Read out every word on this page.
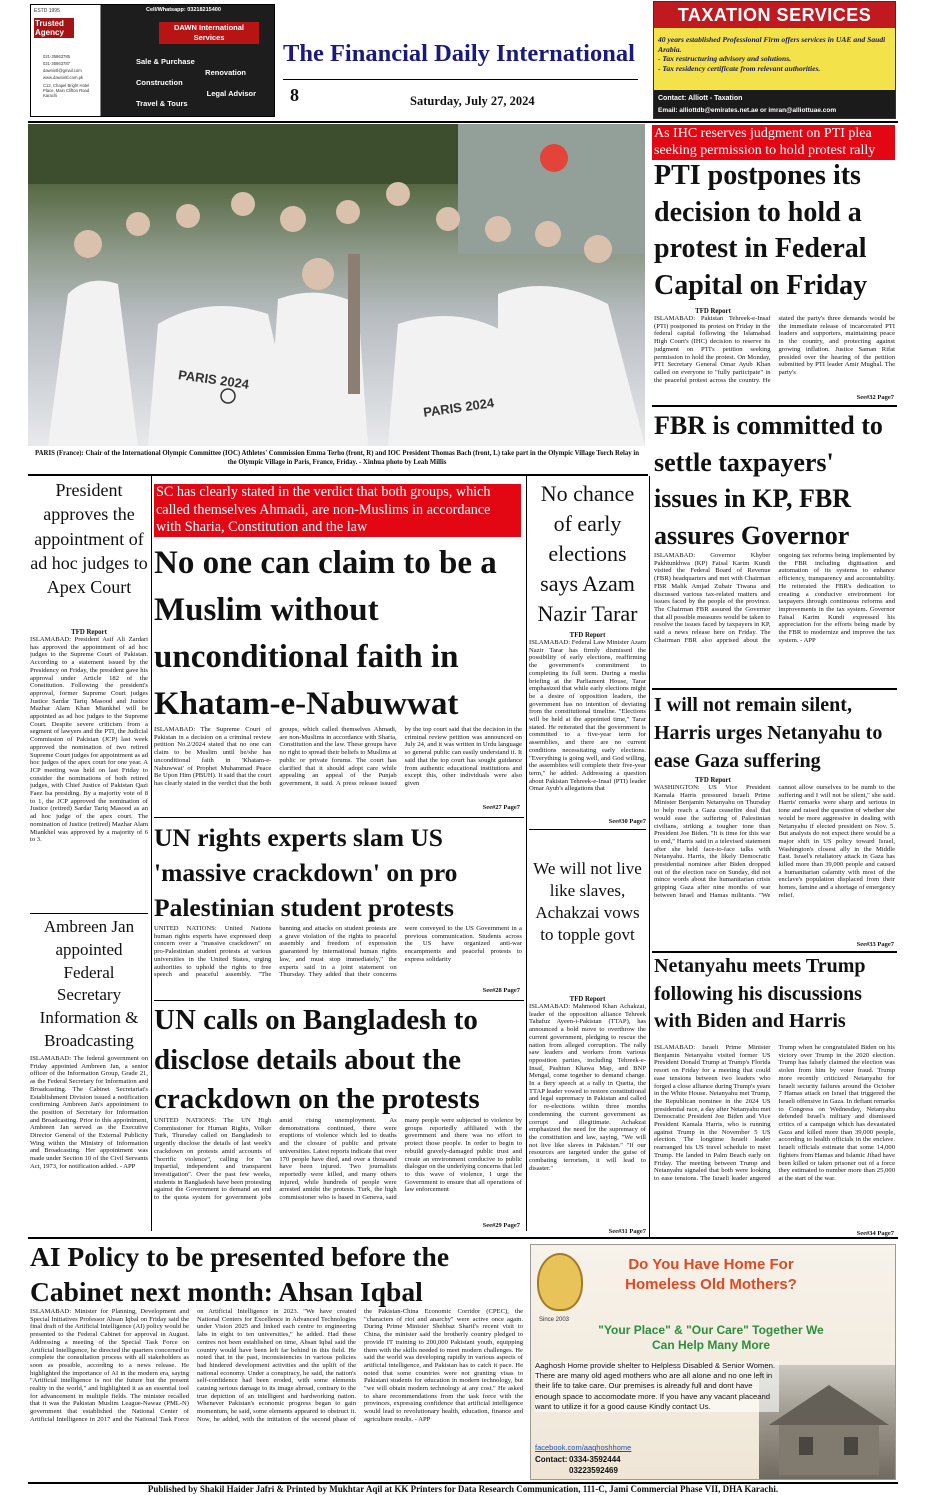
ESTD 1995
Trusted Agency
021-35863785
021-35863787
dawnintl@gmail.com
www.dawnintl.com.pk
C12, Chapel Bright Hotel Place, Main Clifton Road Karachi
Cell/Whatsapp: 03218215400
DAWN International Services
Sale & Purchase
Renovation
Construction
Legal Advisor
Travel & Tours
The Financial Daily International
8	Saturday, July 27, 2024
TAXATION SERVICES
40 years established Professional Firm offers services in UAE and Saudi Arabia.
- Tax restructuring advisory and solutions.
- Tax residency certificate from relevant authorities.
Contact: Alliott - Taxation
Email: alliottdb@emirates.net.ae or imran@alliottuae.com
PARIS 2024
PARIS 2024
PARIS (France): Chair of the International Olympic Committee (IOC) Athletes' Commission Emma Terho (front, R) and IOC President Thomas Bach (front, L) take part in the Olympic Village Torch Relay in the Olympic Village in Paris, France, Friday. - Xinhua photo by Leah Millis
As IHC reserves judgment on PTI plea seeking permission to hold protest rally
PTI postpones its decision to hold a protest in Federal Capital on Friday
TFD Report
ISLAMABAD: Pakistan Tehreek-e-Insaf (PTI) postponed its protest on Friday in the federal capital following the Islamabad High Court's (IHC) decision to reserve its judgment on PTI's petition seeking permission to hold the protest. On Monday, PTI Secretary General Omar Ayub Khan called on everyone to "fully participate" in the peaceful protest across the country. He stated the party's three demands would be the immediate release of incarcerated PTI leaders and supporters, maintaining peace in the country, and protecting against growing inflation. Justice Saman Rifat presided over the hearing of the petition submitted by PTI leader Amir Mughal. The party's
See#32 Page7
FBR is committed to settle taxpayers' issues in KP, FBR assures Governor
ISLAMABAD: Governor Khyber Pakhtunkhwa (KP) Faisal Karim Kundi visited the Federal Board of Revenue (FBR) headquarters and met with Chairman FBR Malik Amjad Zubair Tiwana and discussed various tax-related matters and issues faced by the people of the province. The Chairman FBR assured the Governor that all possible measures would be taken to resolve the issues faced by taxpayers in KP, said a news release here on Friday. The Chairman FBR also apprised about the ongoing tax reforms being implemented by the FBR including digitisation and automation of its systems to enhance efficiency, transparency and accountability. He reiterated the FBR's dedication to creating a conducive environment for taxpayers through continuous reforms and improvements in the tax system. Governor Faisal Karim Kundi expressed his appreciation for the efforts being made by the FBR to modernize and improve the tax system. - APP
I will not remain silent, Harris urges Netanyahu to ease Gaza suffering
TFD Report
WASHINGTON: US Vice President Kamala Harris pressured Israeli Prime Minister Benjamin Netanyahu on Thursday to help reach a Gaza ceasefire deal that would ease the suffering of Palestinian civilians, striking a tougher tone than President Joe Biden. "It is time for this war to end," Harris said in a televised statement after she held face-to-face talks with Netanyahu. Harris, the likely Democratic presidential nominee after Biden dropped out of the election race on Sunday, did not mince words about the humanitarian crisis gripping Gaza after nine months of war between Israel and Hamas militants. "We cannot allow ourselves to be numb to the suffering and I will not be silent," she said. Harris' remarks were sharp and serious in tone and raised the question of whether she would be more aggressive in dealing with Netanyahu if elected president on Nov. 5. But analysts do not expect there would be a major shift in US policy toward Israel, Washington's closest ally in the Middle East. Israel's retaliatory attack in Gaza has killed more than 39,000 people and caused a humanitarian calamity with most of the enclave's population displaced from their homes, famine and a shortage of emergency relief.
See#33 Page7
Netanyahu meets Trump following his discussions with Biden and Harris
ISLAMABAD: Israeli Prime Minister Benjamin Netanyahu visited former US President Donald Trump at Trump's Florida resort on Friday for a meeting that could ease tensions between two leaders who forged a close alliance during Trump's years in the White House. Netanyahu met Trump, the Republican nominee in the 2024 US presidential race, a day after Netanyahu met Democratic President Joe Biden and Vice President Kamala Harris, who is running against Trump in the November 5 US election. The longtime Israeli leader rearranged his US travel schedule to meet Trump. He landed in Palm Beach early on Friday. The meeting between Trump and Netanyahu signaled that both were looking to ease tensions. The Israeli leader angered Trump when he congratulated Biden on his victory over Trump in the 2020 election. Trump has falsely claimed the election was stolen from him by voter fraud. Trump more recently criticized Netanyahu for Israeli security failures around the October 7 Hamas attack on Israel that triggered the Israeli offensive in Gaza. In defiant remarks to Congress on Wednesday, Netanyahu defended Israel's military and dismissed critics of a campaign which has devastated Gaza and killed more than 39,000 people, according to health officials in the enclave. Israeli officials estimate that some 14,000 fighters from Hamas and Islamic Jihad have been killed or taken prisoner out of a force they estimated to number more than 25,000 at the start of the war.
See#34 Page7
President approves the appointment of ad hoc judges to Apex Court
TFD Report
ISLAMABAD: President Asif Ali Zardari has approved the appointment of ad hoc judges to the Supreme Court of Pakistan. According to a statement issued by the Presidency on Friday, the president gave his approval under Article 182 of the Constitution. Following the president's approval, former Supreme Court judges Justice Sardar Tariq Masood and Justice Mazhar Alam Khan Miankhel will be appointed as ad hoc judges to the Supreme Court. Despite severe criticism from a segment of lawyers and the PTI, the Judicial Commission of Pakistan (JCP) last week approved the nomination of two retired Supreme Court judges for appointment as ad hoc judges of the apex court for one year. A JCP meeting was held on last Friday to consider the nominations of both retired judges, with Chief Justice of Pakistan Qazi Faez Isa presiding. By a majority vote of 8 to 1, the JCP approved the nomination of Justice (retired) Sardar Tariq Masood as an ad hoc judge of the apex court. The nomination of Justice (retired) Mazhar Alam Miankhel was approved by a majority of 6 to 3.
Ambreen Jan appointed Federal Secretary Information & Broadcasting
ISLAMABAD: The federal government on Friday appointed Ambreen Jan, a senior officer of the Information Group, Grade 21, as the Federal Secretary for Information and Broadcasting. The Cabinet Secretariat's Establishment Division issued a notification confirming Ambreen Jan's appointment to the position of Secretary for Information and Broadcasting. Prior to this appointment, Ambreen Jan served as the Executive Director General of the External Publicity Wing within the Ministry of Information and Broadcasting. Her appointment was made under Section 10 of the Civil Servants Act, 1973, for notification added. - APP
SC has clearly stated in the verdict that both groups, which called themselves Ahmadi, are non-Muslims in accordance with Sharia, Constitution and the law
No one can claim to be a Muslim without unconditional faith in Khatam-e-Nabuwwat
ISLAMABAD: The Supreme Court of Pakistan in a decision on a criminal review petition No.2/2024 stated that no one can claim to be Muslim until he/she has unconditional faith in 'Khatam-e-Nabuwwat' of Prophet Muhammad Peace Be Upon Him (PBUH). It said that the court has clearly stated in the verdict that the both groups, which called themselves Ahmadi, are non-Muslims in accordance with Sharia, Constitution and the law. These groups have no right to spread their beliefs to Muslims at public or private forums. The court has clarified that it should adopt care while appealing an appeal of the Punjab government, it said. A press release issued by the top court said that the decision in the criminal review petition was announced on July 24, and it was written in Urdu language so general public can easily understand it. It said that the top court has sought guidance from authentic educational institutions and except this, other individuals were also given
See#27 Page7
No chance of early elections says Azam Nazir Tarar
TFD Report
ISLAMABAD: Federal Law Minister Azam Nazir Tarar has firmly dismissed the possibility of early elections, reaffirming the government's commitment to completing its full term. During a media briefing at the Parliament House, Tarar emphasized that while early elections might be a desire of opposition leaders, the government has no intention of deviating from the constitutional timeline. "Elections will be held at the appointed time," Tarar stated. He reiterated that the government is committed to a five-year term for assemblies, and there are no current conditions necessitating early elections. "Everything is going well, and God willing, the assemblies will complete their five-year term," he added. Addressing a question about Pakistan Tehreek-e-Insaf (PTI) leader Omar Ayub's allegations that
See#30 Page7
UN rights experts slam US 'massive crackdown' on pro Palestinian student protests
UNITED NATIONS: United Nations human rights experts have expressed deep concern over a "massive crackdown" on pro-Palestinian student protests at various universities in the United States, urging authorities to uphold the rights to free speech and peaceful assembly. "The banning and attacks on student protests are a grave violation of the rights to peaceful assembly and freedom of expression guaranteed by international human rights law, and must stop immediately," the experts said in a joint statement on Thursday. They added that their concerns were conveyed to the US Government in a previous communication. Students across the US have organized anti-war encampments and peaceful protests to express solidarity
See#28 Page7
We will not live like slaves, Achakzai vows to topple govt
TFD Report
ISLAMABAD: Mahmood Khan Achakzai, leader of the opposition alliance Tehreek Tahafuz Ayeen-i-Pakistan (TTAP), has announced a bold move to overthrow the current government, pledging to rescue the nation from alleged corruption. The rally saw leaders and workers from various opposition parties, including Tehreek-e-Insaf, Pashtun Khawa Map, and BNP Mengal, come together to demand change. In a fiery speech at a rally in Quetta, the TTAP leader vowed to restore constitutional and legal supremacy in Pakistan and called for re-elections within three months condemning the current government as corrupt and illegitimate. Achakzai emphasized the need for the supremacy of the constitution and law, saying, "We will not live like slaves in Pakistan." "If our resources are targeted under the guise of combating terrorism, it will lead to disaster."
See#31 Page7
UN calls on Bangladesh to disclose details about the crackdown on the protests
UNITED NATIONS: The UN High Commissioner for Human Rights, Volker Turk, Thursday called on Bangladesh to urgently disclose the details of last week's crackdown on protests amid accounts of "horrific violence", calling for "an impartial, independent and transparent investigation". Over the past few weeks, students in Bangladesh have been protesting against the Government to demand an end to the quota system for government jobs amid rising unemployment. As demonstrations continued, there were eruptions of violence which led to deaths and the closure of public and private universities. Latest reports indicate that over 170 people have died, and over a thousand have been injured. Two journalists reportedly were killed, and many others injured, while hundreds of people were arrested amidst the protests. Turk, the high commissioner who is based in Geneva, said many people were subjected to violence by groups reportedly affiliated with the government and there was no effort to protect those people. In order to begin to rebuild gravely-damaged public trust and create an environment conducive to public dialogue on the underlying concerns that led to this wave of violence, I urge the Government to ensure that all operations of law enforcement
See#29 Page7
AI Policy to be presented before the Cabinet next month: Ahsan Iqbal
ISLAMABAD: Minister for Planning, Development and Special Initiatives Professor Ahsan Iqbal on Friday said the final draft of the Artificial Intelligence (AI) policy would be presented to the Federal Cabinet for approval in August. Addressing a meeting of the Special Task Force on Artificial Intelligence, he directed the quarters concerned to complete the consultation process with all stakeholders as soon as possible, according to a news release. He highlighted the importance of AI in the modern era, saying "Artificial intelligence is not the future but the present reality in the world," and highlighted it as an essential tool for advancement in multiple fields. The minister recalled that it was the Pakistan Muslim League-Nawaz (PML-N) government that established the National Center of Artificial Intelligence in 2017 and the National Task Force on Artificial Intelligence in 2023. "We have created National Centers for Excellence in Advanced Technologies under Vision 2025 and linked each centre to engineering labs in eight to ten universities," he added. Had these centres not been established on time, Ahsan Iqbal said the country would have been left far behind in this field. He noted that in the past, inconsistencies in various policies had hindered development activities and the uplift of the national economy. Under a conspiracy, he said, the nation's self-confidence had been eroded, with some elements causing serious damage to its image abroad, contrary to the true depiction of an intelligent and hardworking nation. Whenever Pakistan's economic progress began to gain momentum, he said, some elements appeared to obstruct it. Now, he added, with the initiation of the second phase of the Pakistan-China Economic Corridor (CPEC), the "characters of riot and anarchy" were active once again. During Prime Minister Shehbaz Sharif's recent visit to China, the minister said the brotherly country pledged to provide IT training to 200,000 Pakistani youth, equipping them with the skills needed to meet modern challenges. He said the world was developing rapidly in various aspects of artificial intelligence, and Pakistan has to catch it pace. He noted that some countries were not granting visas to Pakistani students for education in modern technology, but "we will obtain modern technology at any cost." He asked to share recommendations from the task force with the provinces, expressing confidence that artificial intelligence would lead to revolutionary health, education, finance and agriculture results. - APP
Since 2003
Do You Have Home For Homeless Old Mothers?
"Your Place" & "Our Care" Together We Can Help Many More
Aaghosh Home provide shelter to Helpless Disabled & Senior Women. There are many old aged mothers who are all alone and no one left in their life to take care. Our premises is already full and dont have enough space to accomodate more. If you have any vacant placeand want to utilize it for a good cause Kindly contact Us.
facebook.com/aaghoshhome
Contact: 0334-3592444
03223592469
Published by Shakil Haider Jafri & Printed by Mukhtar Aqil at KK Printers for Data Research Communication, 111-C, Jami Commercial Phase VII, DHA Karachi.
